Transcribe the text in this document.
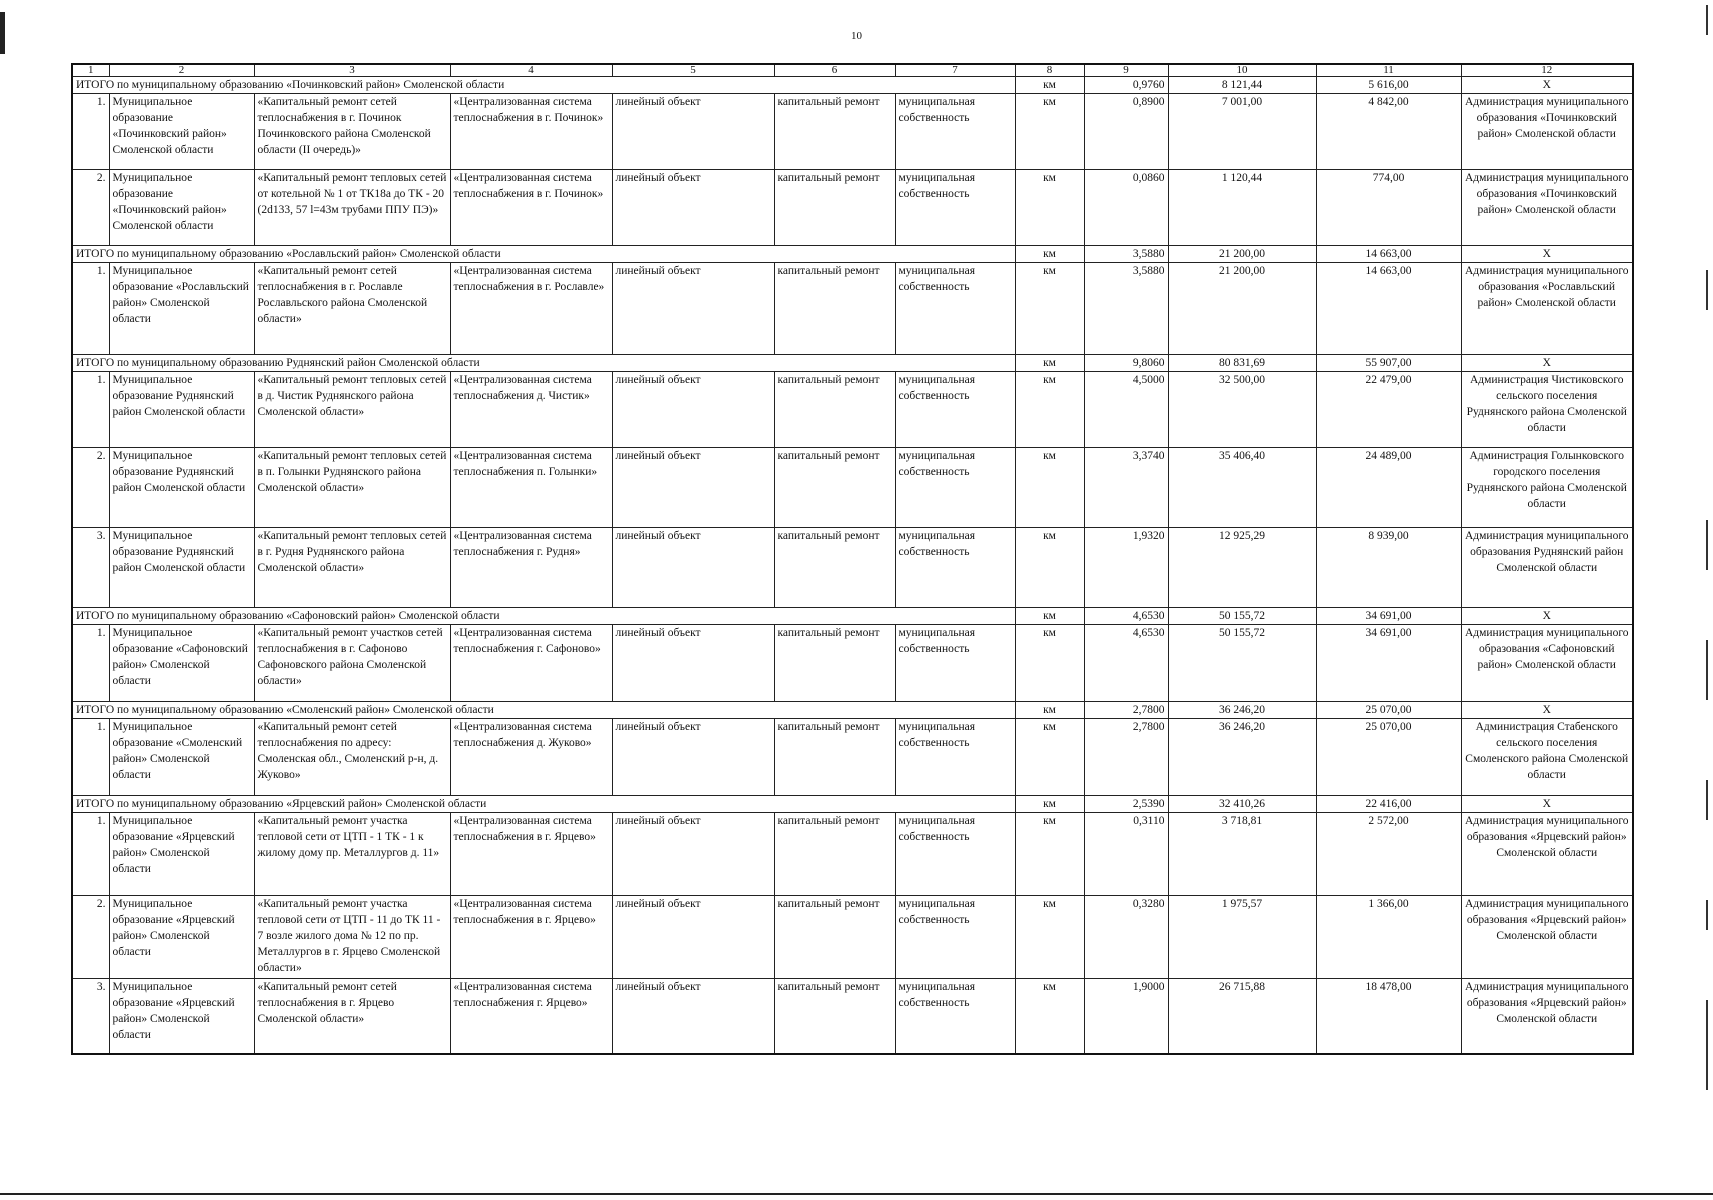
10
1	2	3	4	5	6	7	8	9	10	11	12
ИТОГО по муниципальному образованию «Починковский район» Смоленской области							км	0,9760	8 121,44	5 616,00	Х
1.	Муниципальное образование «Починковский район» Смоленской области	«Капитальный ремонт сетей теплоснабжения в г. Починок Починковского района Смоленской области (II очередь)»	«Централизованная система теплоснабжения в г. Починок»	линейный объект	капитальный ремонт	муниципальная собственность	км	0,8900	7 001,00	4 842,00	Администрация муниципального образования «Починковский район» Смоленской области
2.	Муниципальное образование «Починковский район» Смоленской области	«Капитальный ремонт тепловых сетей от котельной № 1 от ТК18а до ТК - 20 (2d133, 57 l=43м трубами ППУ ПЭ)»	«Централизованная система теплоснабжения в г. Починок»	линейный объект	капитальный ремонт	муниципальная собственность	км	0,0860	1 120,44	774,00	Администрация муниципального образования «Починковский район» Смоленской области
ИТОГО по муниципальному образованию «Рославльский район» Смоленской области							км	3,5880	21 200,00	14 663,00	Х
1.	Муниципальное образование «Рославльский район» Смоленской области	«Капитальный ремонт сетей теплоснабжения в г. Рославле Рославльского района Смоленской области»	«Централизованная система теплоснабжения в г. Рославле»	линейный объект	капитальный ремонт	муниципальная собственность	км	3,5880	21 200,00	14 663,00	Администрация муниципального образования «Рославльский район» Смоленской области
ИТОГО по муниципальному образованию Руднянский район Смоленской области							км	9,8060	80 831,69	55 907,00	Х
1.	Муниципальное образование Руднянский район Смоленской области	«Капитальный ремонт тепловых сетей в д. Чистик Руднянского района Смоленской области»	«Централизованная система теплоснабжения д. Чистик»	линейный объект	капитальный ремонт	муниципальная собственность	км	4,5000	32 500,00	22 479,00	Администрация Чистиковского сельского поселения Руднянского района Смоленской области
2.	Муниципальное образование Руднянский район Смоленской области	«Капитальный ремонт тепловых сетей в п. Голынки Руднянского района Смоленской области»	«Централизованная система теплоснабжения п. Голынки»	линейный объект	капитальный ремонт	муниципальная собственность	км	3,3740	35 406,40	24 489,00	Администрация Голынковского городского поселения Руднянского района Смоленской области
3.	Муниципальное образование Руднянский район Смоленской области	«Капитальный ремонт тепловых сетей в г. Рудня Руднянского района Смоленской области»	«Централизованная система теплоснабжения г. Рудня»	линейный объект	капитальный ремонт	муниципальная собственность	км	1,9320	12 925,29	8 939,00	Администрация муниципального образования Руднянский район Смоленской области
ИТОГО по муниципальному образованию «Сафоновский район» Смоленской области							км	4,6530	50 155,72	34 691,00	Х
1.	Муниципальное образование «Сафоновский район» Смоленской области	«Капитальный ремонт участков сетей теплоснабжения в г. Сафоново Сафоновского района Смоленской области»	«Централизованная система теплоснабжения г. Сафоново»	линейный объект	капитальный ремонт	муниципальная собственность	км	4,6530	50 155,72	34 691,00	Администрация муниципального образования «Сафоновский район» Смоленской области
ИТОГО по муниципальному образованию «Смоленский район» Смоленской области							км	2,7800	36 246,20	25 070,00	Х
1.	Муниципальное образование «Смоленский район» Смоленской области	«Капитальный ремонт сетей теплоснабжения по адресу: Смоленская обл., Смоленский р-н, д. Жуково»	«Централизованная система теплоснабжения д. Жуково»	линейный объект	капитальный ремонт	муниципальная собственность	км	2,7800	36 246,20	25 070,00	Администрация Стабенского сельского поселения Смоленского района Смоленской области
ИТОГО по муниципальному образованию «Ярцевский район» Смоленской области							км	2,5390	32 410,26	22 416,00	Х
1.	Муниципальное образование «Ярцевский район» Смоленской области	«Капитальный ремонт участка тепловой сети от ЦТП - 1 ТК - 1 к жилому дому пр. Металлургов д. 11»	«Централизованная система теплоснабжения в г. Ярцево»	линейный объект	капитальный ремонт	муниципальная собственность	км	0,3110	3 718,81	2 572,00	Администрация муниципального образования «Ярцевский район» Смоленской области
2.	Муниципальное образование «Ярцевский район» Смоленской области	«Капитальный ремонт участка тепловой сети от ЦТП - 11 до ТК 11 - 7 возле жилого дома № 12 по пр. Металлургов в г. Ярцево Смоленской области»	«Централизованная система теплоснабжения в г. Ярцево»	линейный объект	капитальный ремонт	муниципальная собственность	км	0,3280	1 975,57	1 366,00	Администрация муниципального образования «Ярцевский район» Смоленской области
3.	Муниципальное образование «Ярцевский район» Смоленской области	«Капитальный ремонт сетей теплоснабжения в г. Ярцево Смоленской области»	«Централизованная система теплоснабжения г. Ярцево»	линейный объект	капитальный ремонт	муниципальная собственность	км	1,9000	26 715,88	18 478,00	Администрация муниципального образования «Ярцевский район» Смоленской области
